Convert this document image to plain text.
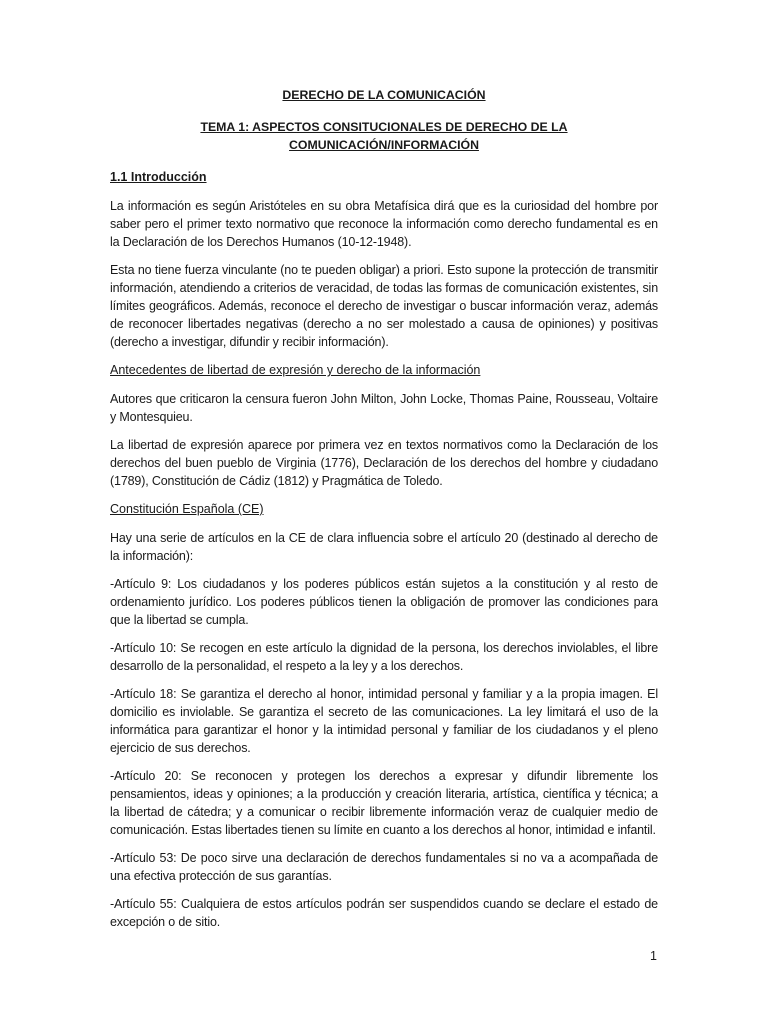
DERECHO DE LA COMUNICACIÓN
TEMA 1: ASPECTOS CONSITUCIONALES DE DERECHO DE LA COMUNICACIÓN/INFORMACIÓN
1.1 Introducción

La información es según Aristóteles en su obra Metafísica dirá que es la curiosidad del hombre por saber pero el primer texto normativo que reconoce la información como derecho fundamental es en la Declaración de los Derechos Humanos (10-12-1948).

Esta no tiene fuerza vinculante (no te pueden obligar) a priori. Esto supone la protección de transmitir información, atendiendo a criterios de veracidad, de todas las formas de comunicación existentes, sin límites geográficos. Además, reconoce el derecho de investigar o buscar información veraz, además de reconocer libertades negativas (derecho a no ser molestado a causa de opiniones) y positivas (derecho a investigar, difundir y recibir información).

Antecedentes de libertad de expresión y derecho de la información

Autores que criticaron la censura fueron John Milton, John Locke, Thomas Paine, Rousseau, Voltaire y Montesquieu.

La libertad de expresión aparece por primera vez en textos normativos como la Declaración de los derechos del buen pueblo de Virginia (1776), Declaración de los derechos del hombre y ciudadano (1789), Constitución de Cádiz (1812) y Pragmática de Toledo.

Constitución Española (CE)

Hay una serie de artículos en la CE de clara influencia sobre el artículo 20 (destinado al derecho de la información):

-Artículo 9: Los ciudadanos y los poderes públicos están sujetos a la constitución y al resto de ordenamiento jurídico. Los poderes públicos tienen la obligación de promover las condiciones para que la libertad se cumpla.

-Artículo 10: Se recogen en este artículo la dignidad de la persona, los derechos inviolables, el libre desarrollo de la personalidad, el respeto a la ley y a los derechos.

-Artículo 18: Se garantiza el derecho al honor, intimidad personal y familiar y a la propia imagen. El domicilio es inviolable. Se garantiza el secreto de las comunicaciones. La ley limitará el uso de la informática para garantizar el honor y la intimidad personal y familiar de los ciudadanos y el pleno ejercicio de sus derechos.

-Artículo 20: Se reconocen y protegen los derechos a expresar y difundir libremente los pensamientos, ideas y opiniones; a la producción y creación literaria, artística, científica y técnica; a la libertad de cátedra; y a comunicar o recibir libremente información veraz de cualquier medio de comunicación. Estas libertades tienen su límite en cuanto a los derechos al honor, intimidad e infantil.

-Artículo 53: De poco sirve una declaración de derechos fundamentales si no va a acompañada de una efectiva protección de sus garantías.

-Artículo 55: Cualquiera de estos artículos podrán ser suspendidos cuando se declare el estado de excepción o de sitio.

1
